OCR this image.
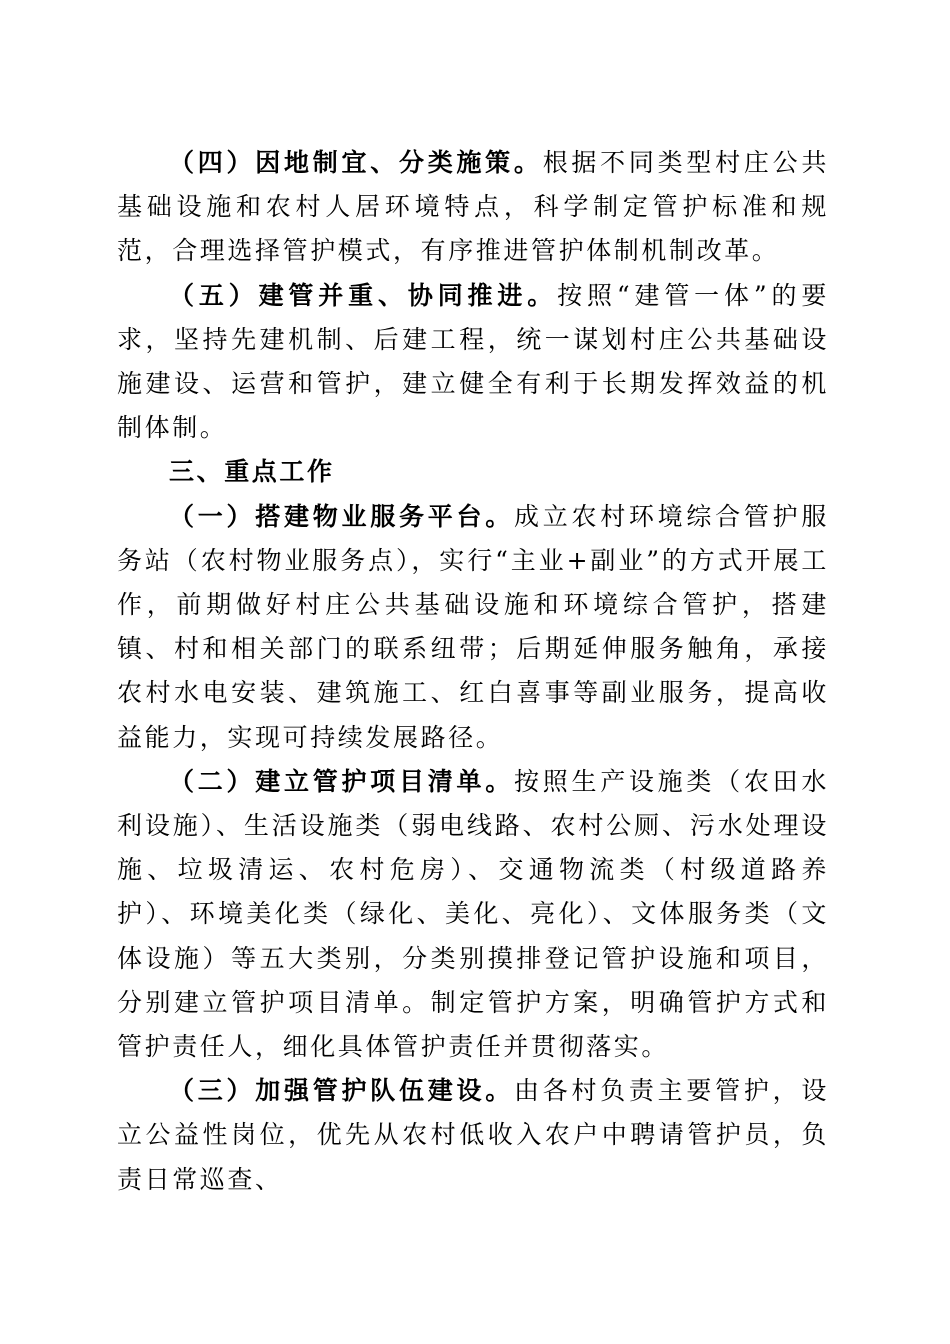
（四）因地制宜、分类施策。根据不同类型村庄公共基础设施和农村人居环境特点，科学制定管护标准和规范，合理选择管护模式，有序推进管护体制机制改革。

（五）建管并重、协同推进。按照“建管一体”的要求，坚持先建机制、后建工程，统一谋划村庄公共基础设施建设、运营和管护，建立健全有利于长期发挥效益的机制体制。

三、重点工作

（一）搭建物业服务平台。成立农村环境综合管护服务站（农村物业服务点），实行“主业+副业”的方式开展工作，前期做好村庄公共基础设施和环境综合管护，搭建镇、村和相关部门的联系纽带；后期延伸服务触角，承接农村水电安装、建筑施工、红白喜事等副业服务，提高收益能力，实现可持续发展路径。

（二）建立管护项目清单。按照生产设施类（农田水利设施）、生活设施类（弱电线路、农村公厕、污水处理设施、垃圾清运、农村危房）、交通物流类（村级道路养护）、环境美化类（绿化、美化、亮化）、文体服务类（文体设施）等五大类别，分类别摸排登记管护设施和项目，分别建立管护项目清单。制定管护方案，明确管护方式和管护责任人，细化具体管护责任并贯彻落实。

（三）加强管护队伍建设。由各村负责主要管护，设立公益性岗位，优先从农村低收入农户中聘请管护员，负责日常巡查、
